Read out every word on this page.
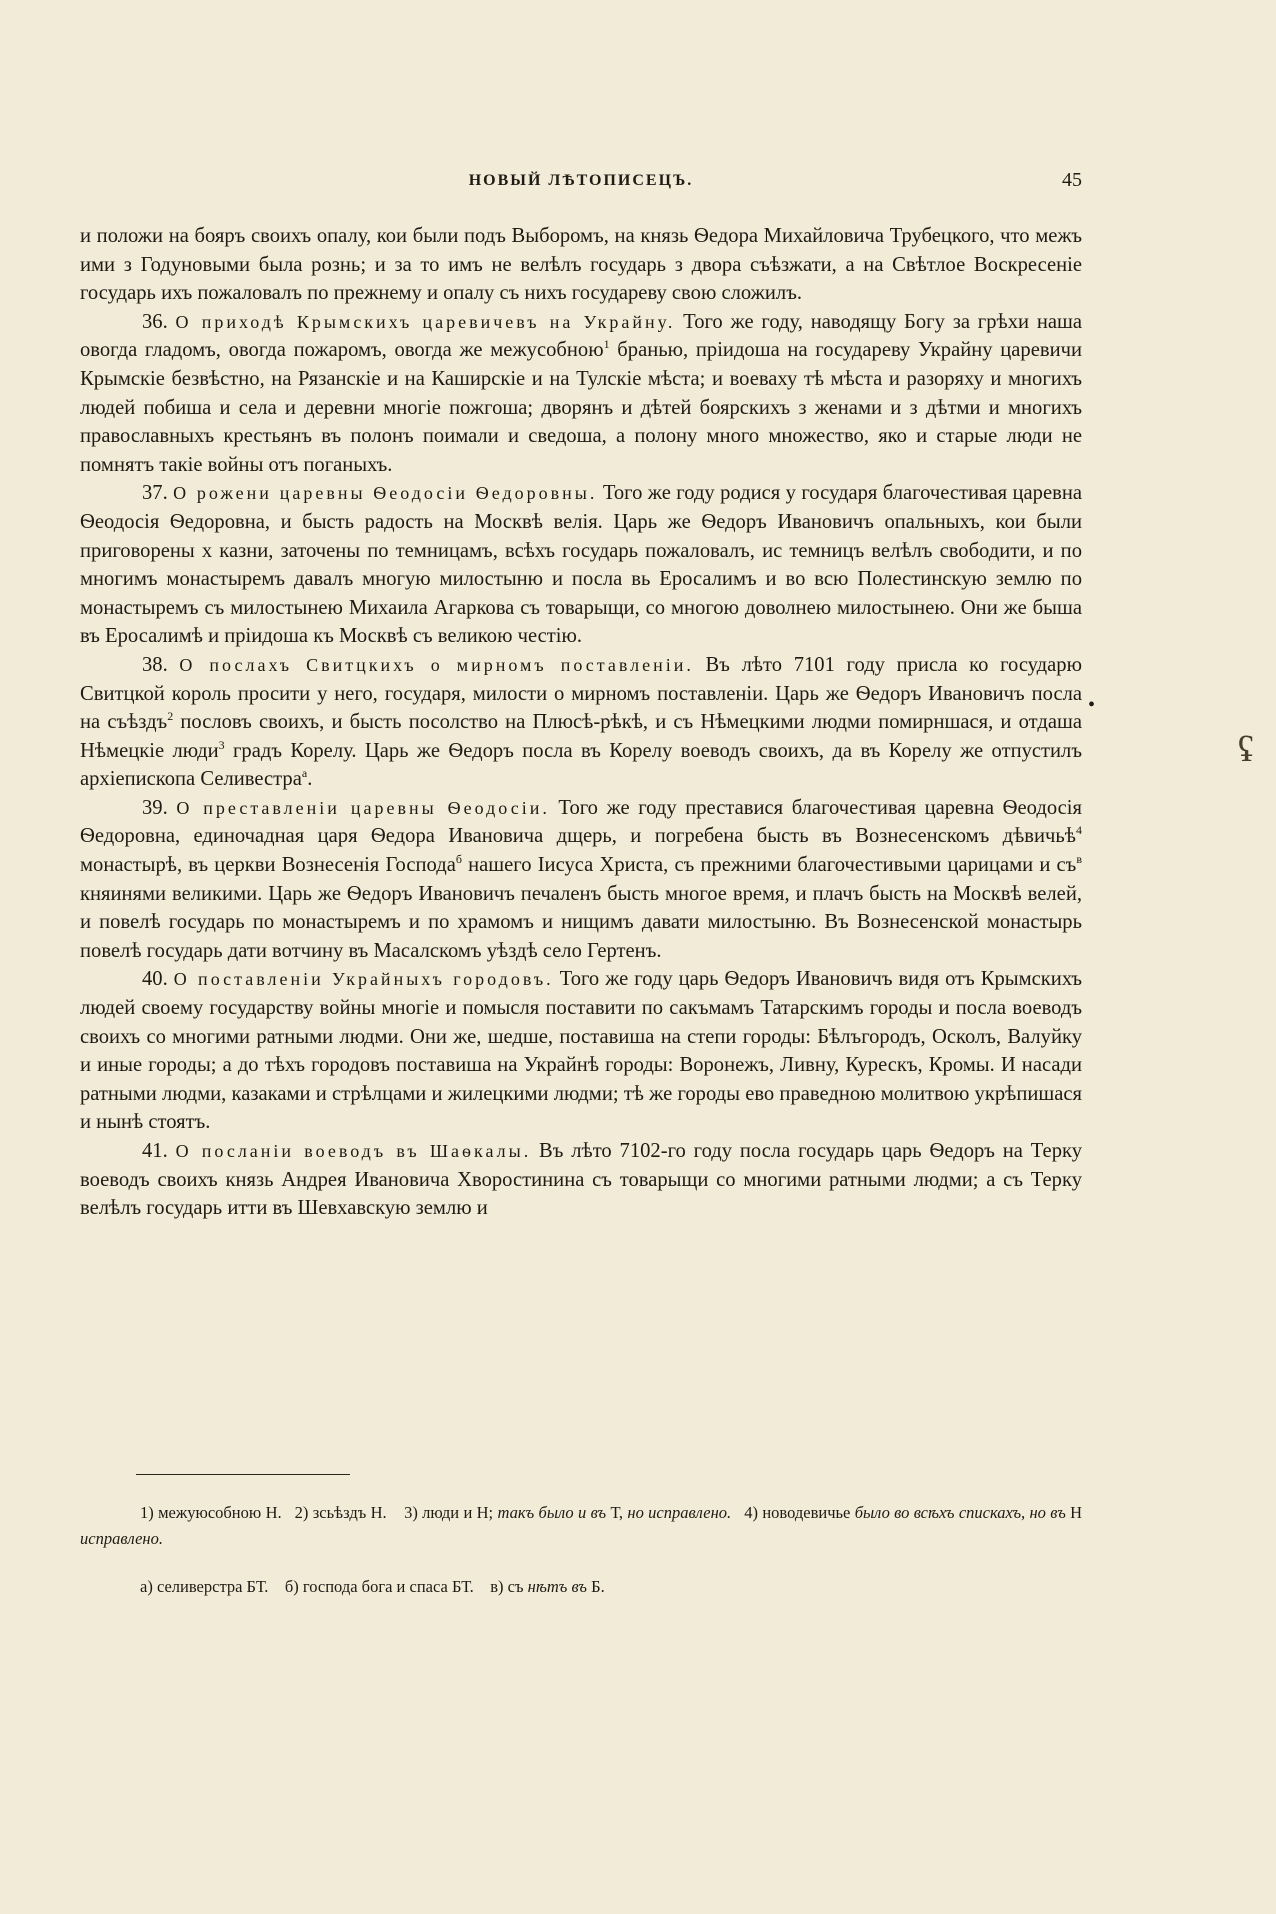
НОВЫЙ ЛѢТОПИСЕЦЪ.	45

и положи на бояръ своихъ опалу, кои были подъ Выборомъ, на князь Ѳедора Михайловича Трубецкого, что межъ ими з Годуновыми была рознь; и за то имъ не велѣлъ государь з двора съѣзжати, а на Свѣтлое Воскресеніе государь ихъ пожаловалъ по прежнему и опалу съ нихъ государеву свою сложилъ.

36. О приходѣ Крымскихъ царевичевъ на Украйну. Того же году, наводящу Богу за грѣхи наша овогда гладомъ, овогда пожаромъ, овогда же межусобною$^1$ бранью, пріидоша на государеву Украйну царевичи Крымскіе безвѣстно, на Рязанскіе и на Каширскіе и на Тулскіе мѣста; и воеваху тѣ мѣста и разоряху и многихъ людей побиша и села и деревни многіе пожгоша; дворянъ и дѣтей боярскихъ з женами и з дѣтми и многихъ православныхъ крестьянъ въ полонъ поимали и сведоша, а полону много множество, яко и старые люди не помнятъ такіе войны отъ поганыхъ.

37. О рожени царевны Ѳеодосіи Ѳедоровны. Того же году родися у государя благочестивая царевна Ѳеодосія Ѳедоровна, и бысть радость на Москвѣ велія. Царь же Ѳедоръ Ивановичъ опальныхъ, кои были приговорены х казни, заточены по темницамъ, всѣхъ государь пожаловалъ, ис темницъ велѣлъ свободити, и по многимъ монастыремъ давалъ многую милостыню и посла вь Еросалимъ и во всю Полестинскую землю по монастыремъ съ милостынею Михаила Агаркова съ товарыщи, со многою доволнею милостынею. Они же быша въ Еросалимѣ и пріидоша къ Москвѣ съ великою честію.

38. О послахъ Свитцкихъ о мирномъ поставленiи. Въ лѣто 7101 году присла ко государю Свитцкой король просити у него, государя, милости о мирномъ поставленіи. Царь же Ѳедоръ Ивановичъ посла на съѣздъ$^2$ пословъ своихъ, и бысть посолство на Плюсѣ-рѣкѣ, и съ Нѣмецкими людми помирншася, и отдаша Нѣмецкіе люди$^3$ градъ Корелу. Царь же Ѳедоръ посла въ Корелу воеводъ своихъ, да въ Корелу же отпустилъ архіепископа Селивестра$^а$.

39. О преставленiи царевны Ѳеодосiи. Того же году преставися благочестивая царевна Ѳеодосія Ѳедоровна, единочадная царя Ѳедора Ивановича дщерь, и погребена бысть въ Вознесенскомъ дѣвичьѣ$^4$ монастырѣ, въ церкви Вознесенія Господа$^б$ нашего Іисуса Христа, съ прежними благочестивыми царицами и $съ^в$ княинями великими. Царь же Ѳедоръ Ивановичъ печаленъ бысть многое время, и плачъ бысть на Москвѣ велей, и повелѣ государь по монастыремъ и по храмомъ и нищимъ давати милостыню. Въ Вознесенской монастырь повелѣ государь дати вотчину въ Масалскомъ уѣздѣ село Гертенъ.

40. О поставленiи Украйныхъ городовъ. Того же году царь Ѳедоръ Ивановичъ видя отъ Крымскихъ людей своему государству войны многіе и помысля поставити по сакъмамъ Татарскимъ городы и посла воеводъ своихъ со многими ратными людми. Они же, шедше, поставиша на степи городы: Бѣлъгородъ, Осколъ, Валуйку и иные городы; а до тѣхъ городовъ поставиша на Украйнѣ городы: Воронежъ, Ливну, Курескъ, Кромы. И насади ратными людми, казаками и стрѣлцами и жилецкими людми; тѣ же городы ево праведною молитвою укрѣпишася и нынѣ стоятъ.

41. О посланiи воеводъ въ Шаѳкалы. Въ лѣто 7102-го году посла государь царь Ѳедоръ на Терку воеводъ своихъ князь Андрея Ивановича Хворостинина съ товарыщи со многими ратными людми; а съ Терку велѣлъ государь итти въ Шевхавскую землю и

1) межуюсобною Н. 2) зсьѣздъ Н. 3) люди и Н; такъ было и въ Т, но исправлено. 4) новодевичье было во всѣхъ спискахъ, но въ Н исправлено.

а) селиверстра БТ. б) господа бога и спаса БТ. в) съ нѣтъ въ Б.

•
ʢ
